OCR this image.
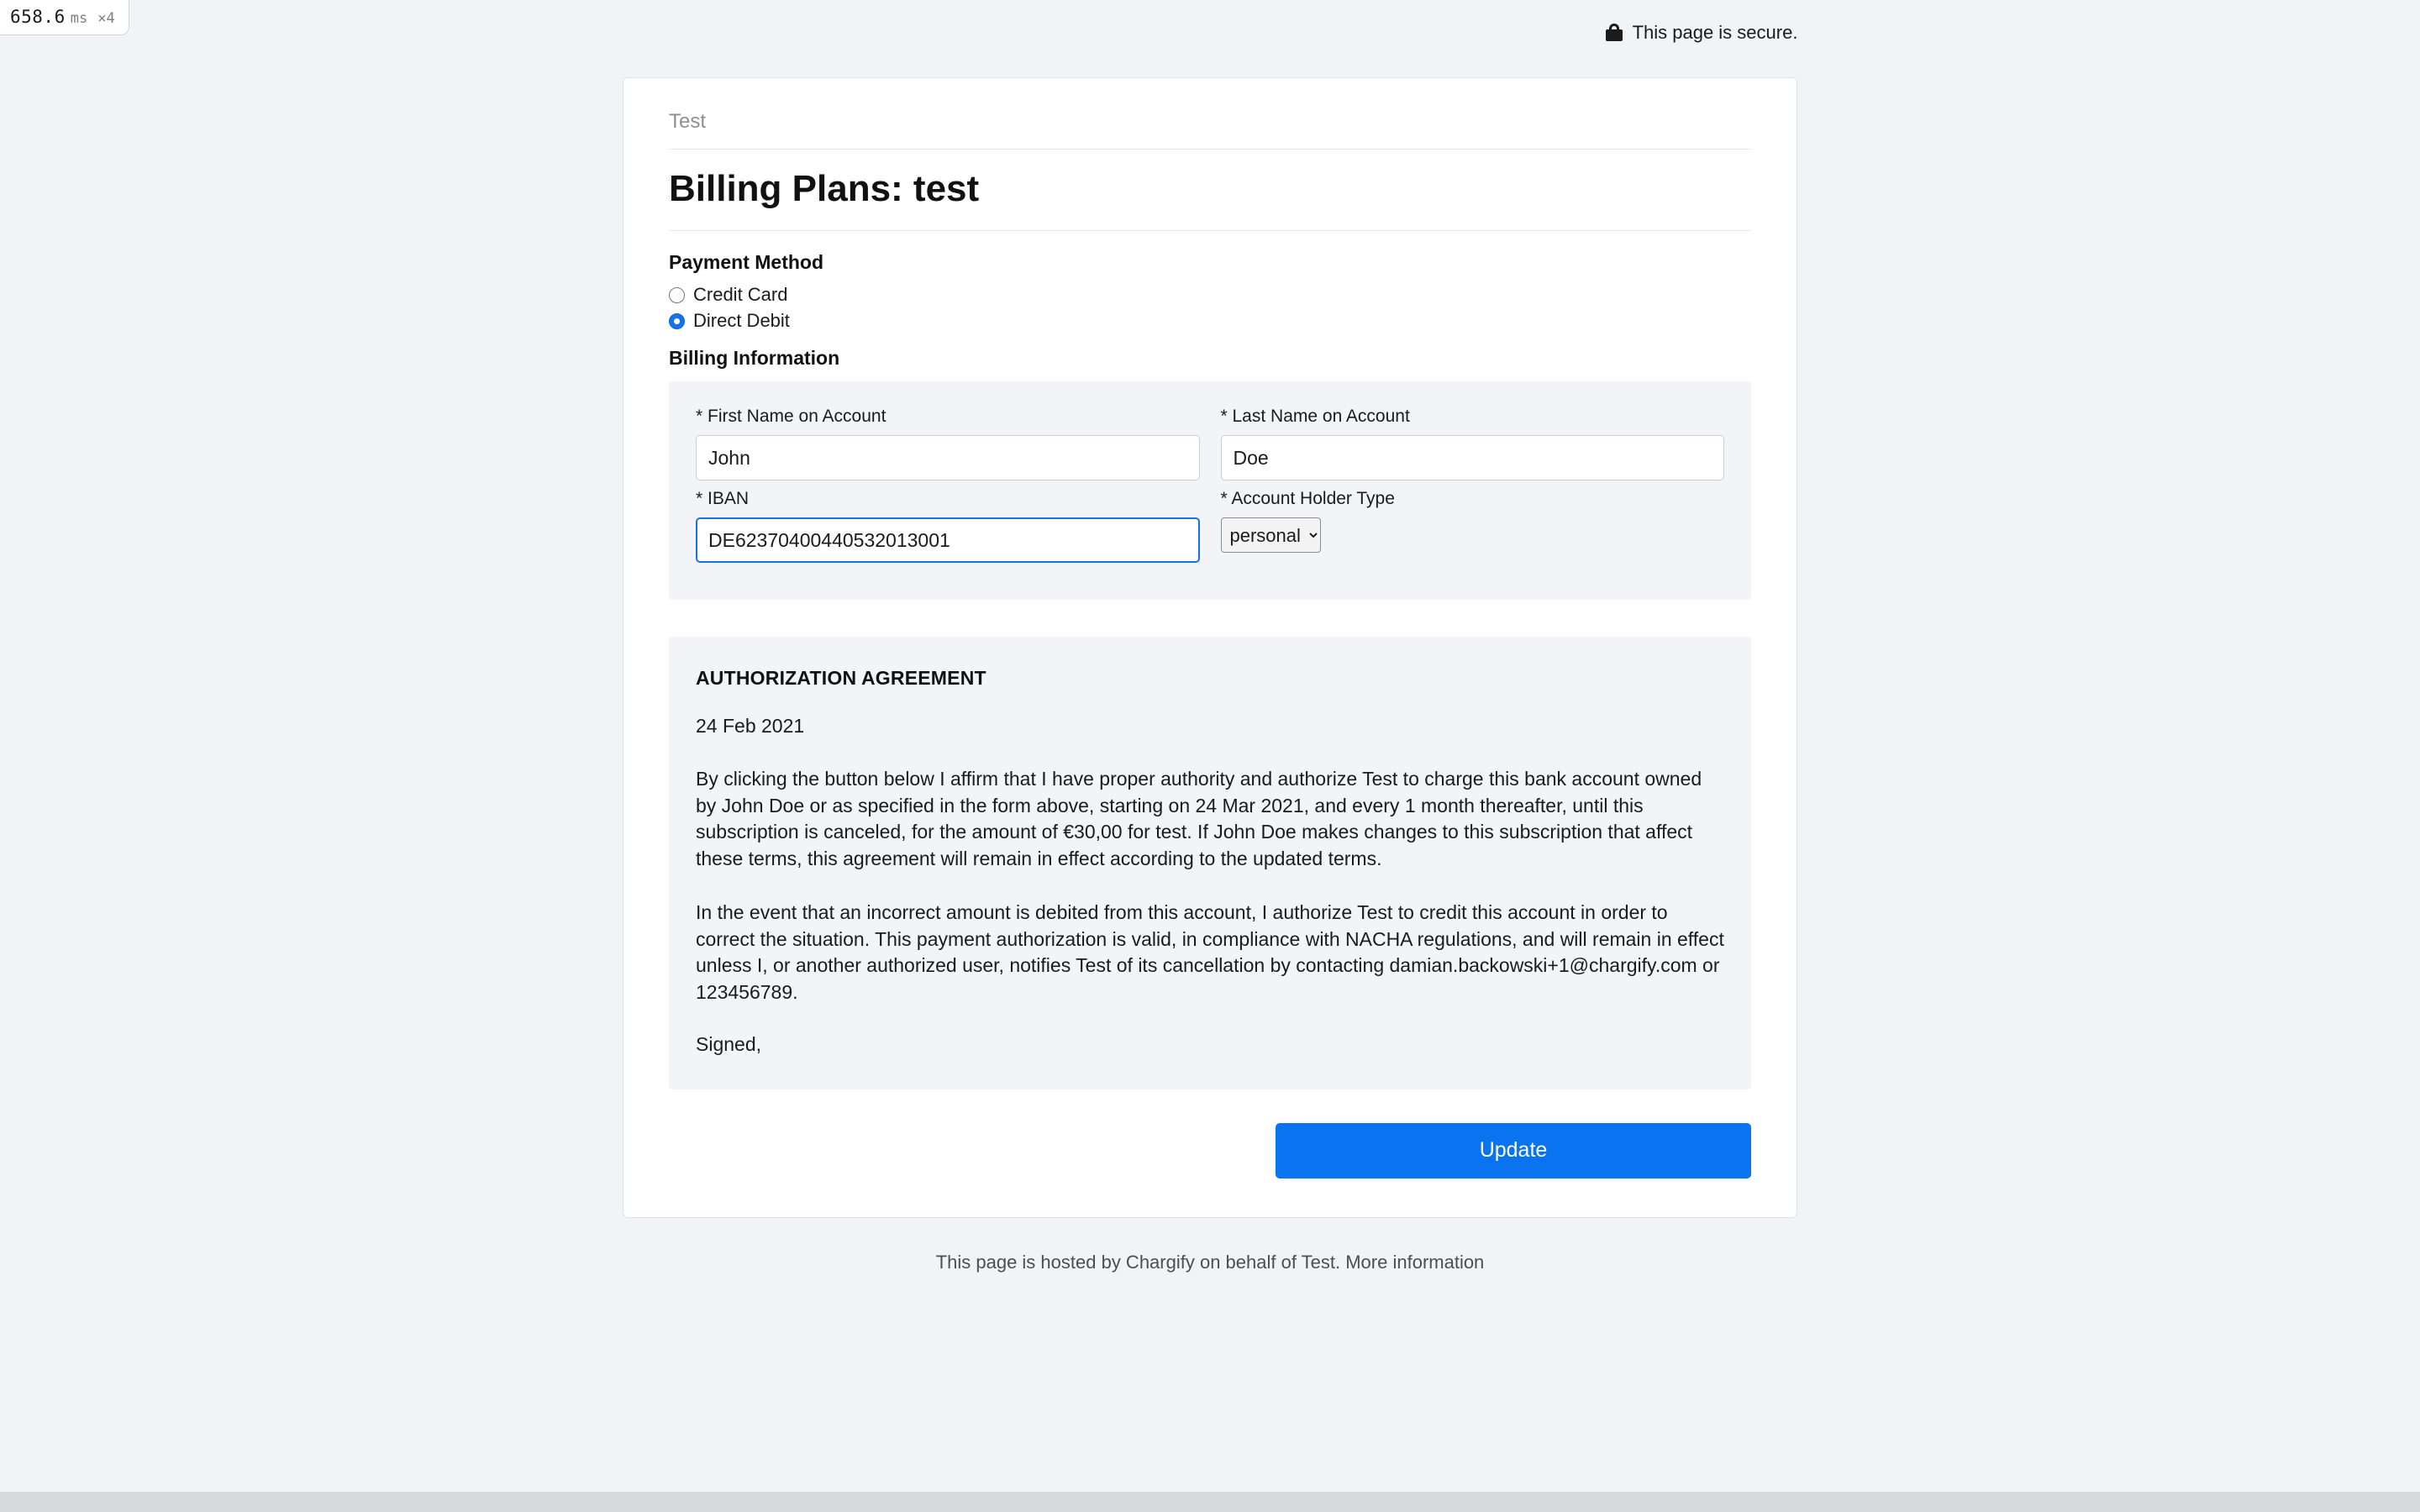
658.6 ms ×4
This page is secure.
Test
Billing Plans: test
Payment Method
Credit Card
Direct Debit
Billing Information
* First Name on Account
John	* Last Name on Account
Doe
* IBAN
DE62370400440532013001	* Account Holder Type
personal
AUTHORIZATION AGREEMENT
24 Feb 2021
By clicking the button below I affirm that I have proper authority and authorize Test to charge this bank account owned by John Doe or as specified in the form above, starting on 24 Mar 2021, and every 1 month thereafter, until this subscription is canceled, for the amount of €30,00 for test. If John Doe makes changes to this subscription that affect these terms, this agreement will remain in effect according to the updated terms.
In the event that an incorrect amount is debited from this account, I authorize Test to credit this account in order to correct the situation. This payment authorization is valid, in compliance with NACHA regulations, and will remain in effect unless I, or another authorized user, notifies Test of its cancellation by contacting damian.backowski+1@chargify.com or 123456789.
Signed,
Update
This page is hosted by Chargify on behalf of Test. More information
